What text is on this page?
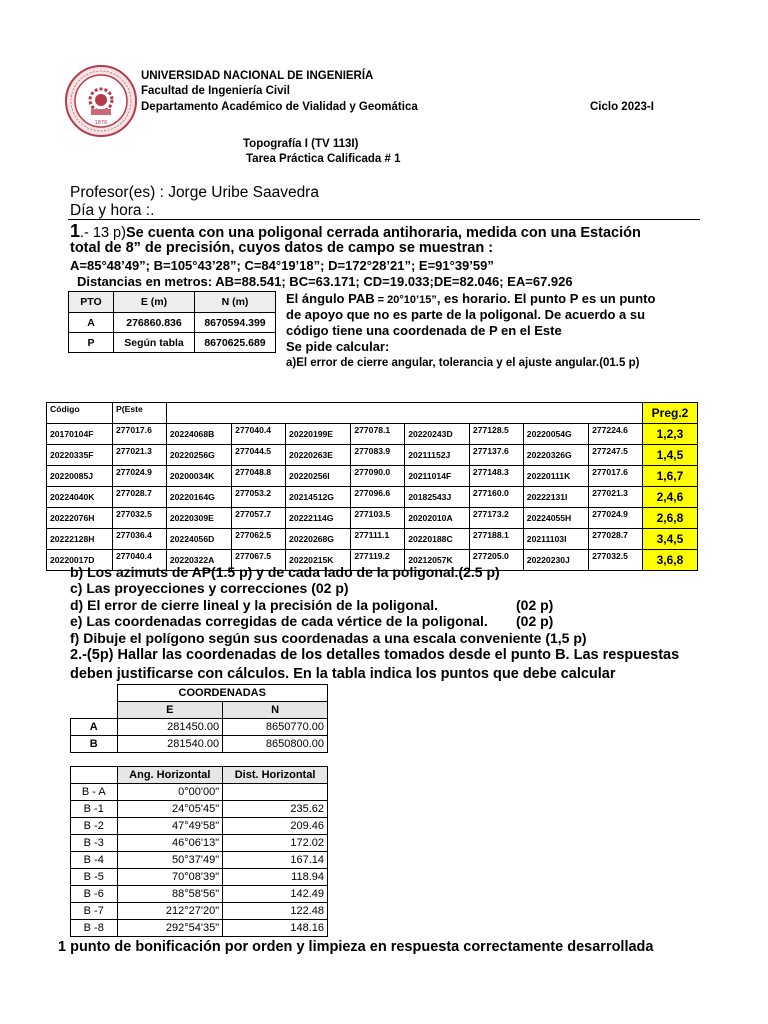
1876
UNIVERSIDAD NACIONAL DE INGENIERÍA
Facultad de Ingeniería Civil
Departamento Académico de Vialidad y Geomática	Ciclo 2023-I
Topografía I (TV 113I)
Tarea Práctica Calificada # 1
Profesor(es) : Jorge Uribe Saavedra
Día y hora :.
1.- 13 p)Se cuenta con una poligonal cerrada antihoraria, medida con una Estación
total de 8” de precisión, cuyos datos de campo se muestran :
A=85°48’49”; B=105°43’28”; C=84°19’18”; D=172°28’21”; E=91°39’59”
Distancias en metros: AB=88.541; BC=63.171; CD=19.033;DE=82.046; EA=67.926
PTO	E (m)	N (m)
A	276860.836	8670594.399
P	Según tabla	8670625.689
El ángulo PAB = 20°10’15”, es horario. El punto P es un punto
de apoyo que no es parte de la poligonal. De acuerdo a su
código tiene una coordenada de P en el Este
Se pide calcular:
a)El error de cierre angular, tolerancia y el ajuste angular.(01.5 p)
Código	P(Este									Preg.2
20170104F	277017.6	20224068B	277040.4	20220199E	277078.1	20220243D	277128.5	20220054G	277224.6	1,2,3
20220335F	277021.3	20220256G	277044.5	20220263E	277083.9	20211152J	277137.6	20220326G	277247.5	1,4,5
20220085J	277024.9	20200034K	277048.8	20220256I	277090.0	20211014F	277148.3	20220111K	277017.6	1,6,7
20224040K	277028.7	20220164G	277053.2	20214512G	277096.6	20182543J	277160.0	20222131I	277021.3	2,4,6
20222076H	277032.5	20220309E	277057.7	20222114G	277103.5	20202010A	277173.2	20224055H	277024.9	2,6,8
20222128H	277036.4	20224056D	277062.5	20220268G	277111.1	20220188C	277188.1	20211103I	277028.7	3,4,5
20220017D	277040.4	20220322A	277067.5	20220215K	277119.2	20212057K	277205.0	20220230J	277032.5	3,6,8
b) Los azimuts de AP(1.5 p) y de cada lado de la poligonal.(2.5 p)
c) Las proyecciones y correcciones (02 p)
d) El error de cierre lineal y la precisión de la poligonal.	(02 p)
e) Las coordenadas corregidas de cada vértice de la poligonal. (02 p)
f) Dibuje el polígono según sus coordenadas a una escala conveniente (1,5 p)
2.-(5p) Hallar las coordenadas de los detalles tomados desde el punto B. Las respuestas
deben justificarse con cálculos. En la tabla indica los puntos que debe calcular
	COORDENADAS	
	E	N
A	281450.00	8650770.00
B	281540.00	8650800.00

	Ang. Horizontal	Dist. Horizontal
B - A	0°00'00"	
B -1	24°05'45"	235.62
B -2	47°49'58"	209.46
B -3	46°06'13"	172.02
B -4	50°37'49"	167.14
B -5	70°08'39"	118.94
B -6	88°58'56"	142.49
B -7	212°27'20"	122.48
B -8	292°54'35"	148.16
1 punto de bonificación por orden y limpieza en respuesta correctamente desarrollada
